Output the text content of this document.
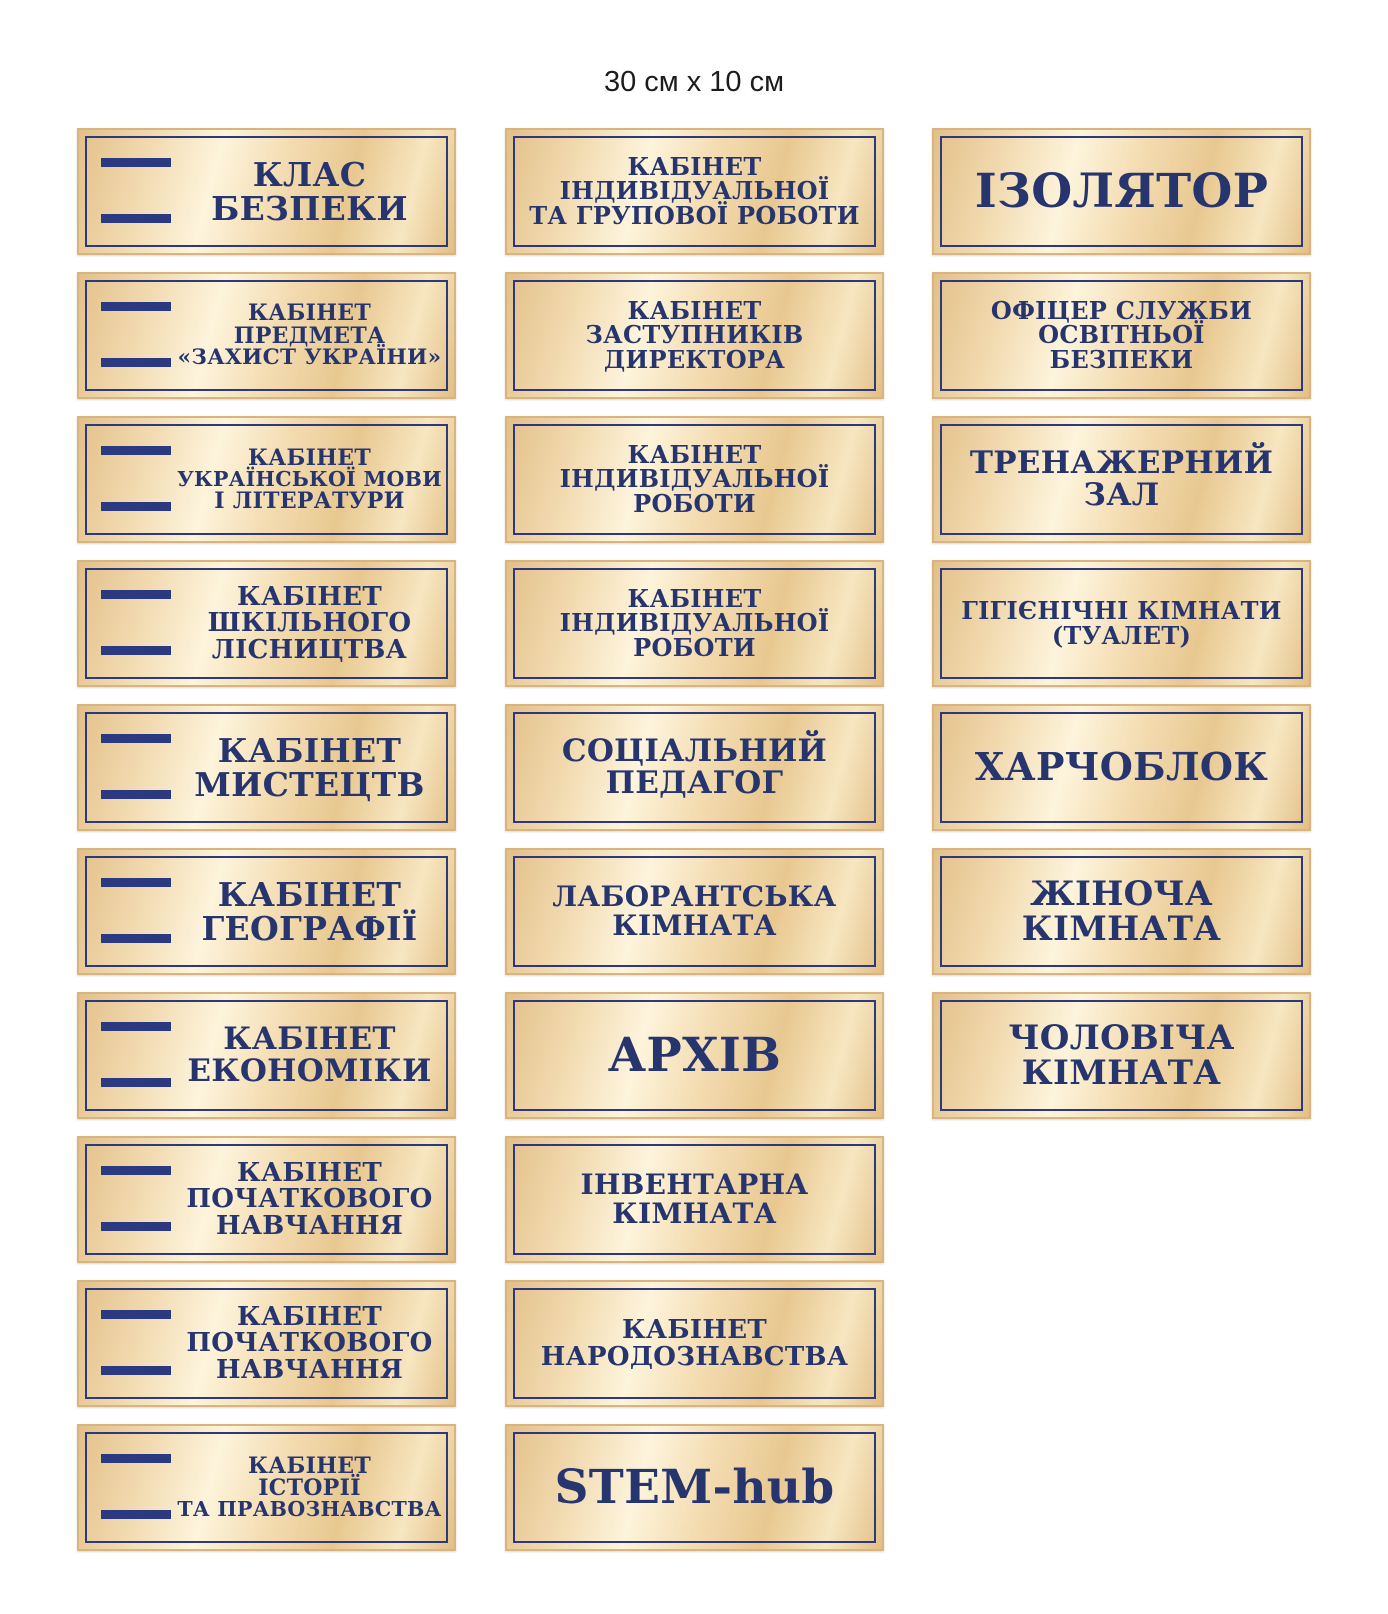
30 см х 10 см
КЛАС
БЕЗПЕКИ
КАБІНЕТ
ПРЕДМЕТА
«ЗАХИСТ УКРАЇНИ»
КАБІНЕТ
УКРАЇНСЬКОЇ МОВИ
І ЛІТЕРАТУРИ
КАБІНЕТ
ШКІЛЬНОГО
ЛІСНИЦТВА
КАБІНЕТ
МИСТЕЦТВ
КАБІНЕТ
ГЕОГРАФІЇ
КАБІНЕТ
ЕКОНОМІКИ
КАБІНЕТ
ПОЧАТКОВОГО
НАВЧАННЯ
КАБІНЕТ
ПОЧАТКОВОГО
НАВЧАННЯ
КАБІНЕТ
ІСТОРІЇ
ТА ПРАВОЗНАВСТВА
КАБІНЕТ
ІНДИВІДУАЛЬНОЇ
ТА ГРУПОВОЇ РОБОТИ
КАБІНЕТ
ЗАСТУПНИКІВ
ДИРЕКТОРА
КАБІНЕТ
ІНДИВІДУАЛЬНОЇ
РОБОТИ
КАБІНЕТ
ІНДИВІДУАЛЬНОЇ
РОБОТИ
СОЦІАЛЬНИЙ
ПЕДАГОГ
ЛАБОРАНТСЬКА
КІМНАТА
АРХІВ
ІНВЕНТАРНА
КІМНАТА
КАБІНЕТ
НАРОДОЗНАВСТВА
STEM-hub
ІЗОЛЯТОР
ОФІЦЕР СЛУЖБИ
ОСВІТНЬОЇ
БЕЗПЕКИ
ТРЕНАЖЕРНИЙ
ЗАЛ
ГІГІЄНІЧНІ КІМНАТИ
(ТУАЛЕТ)
ХАРЧОБЛОК
ЖІНОЧА
КІМНАТА
ЧОЛОВІЧА
КІМНАТА
